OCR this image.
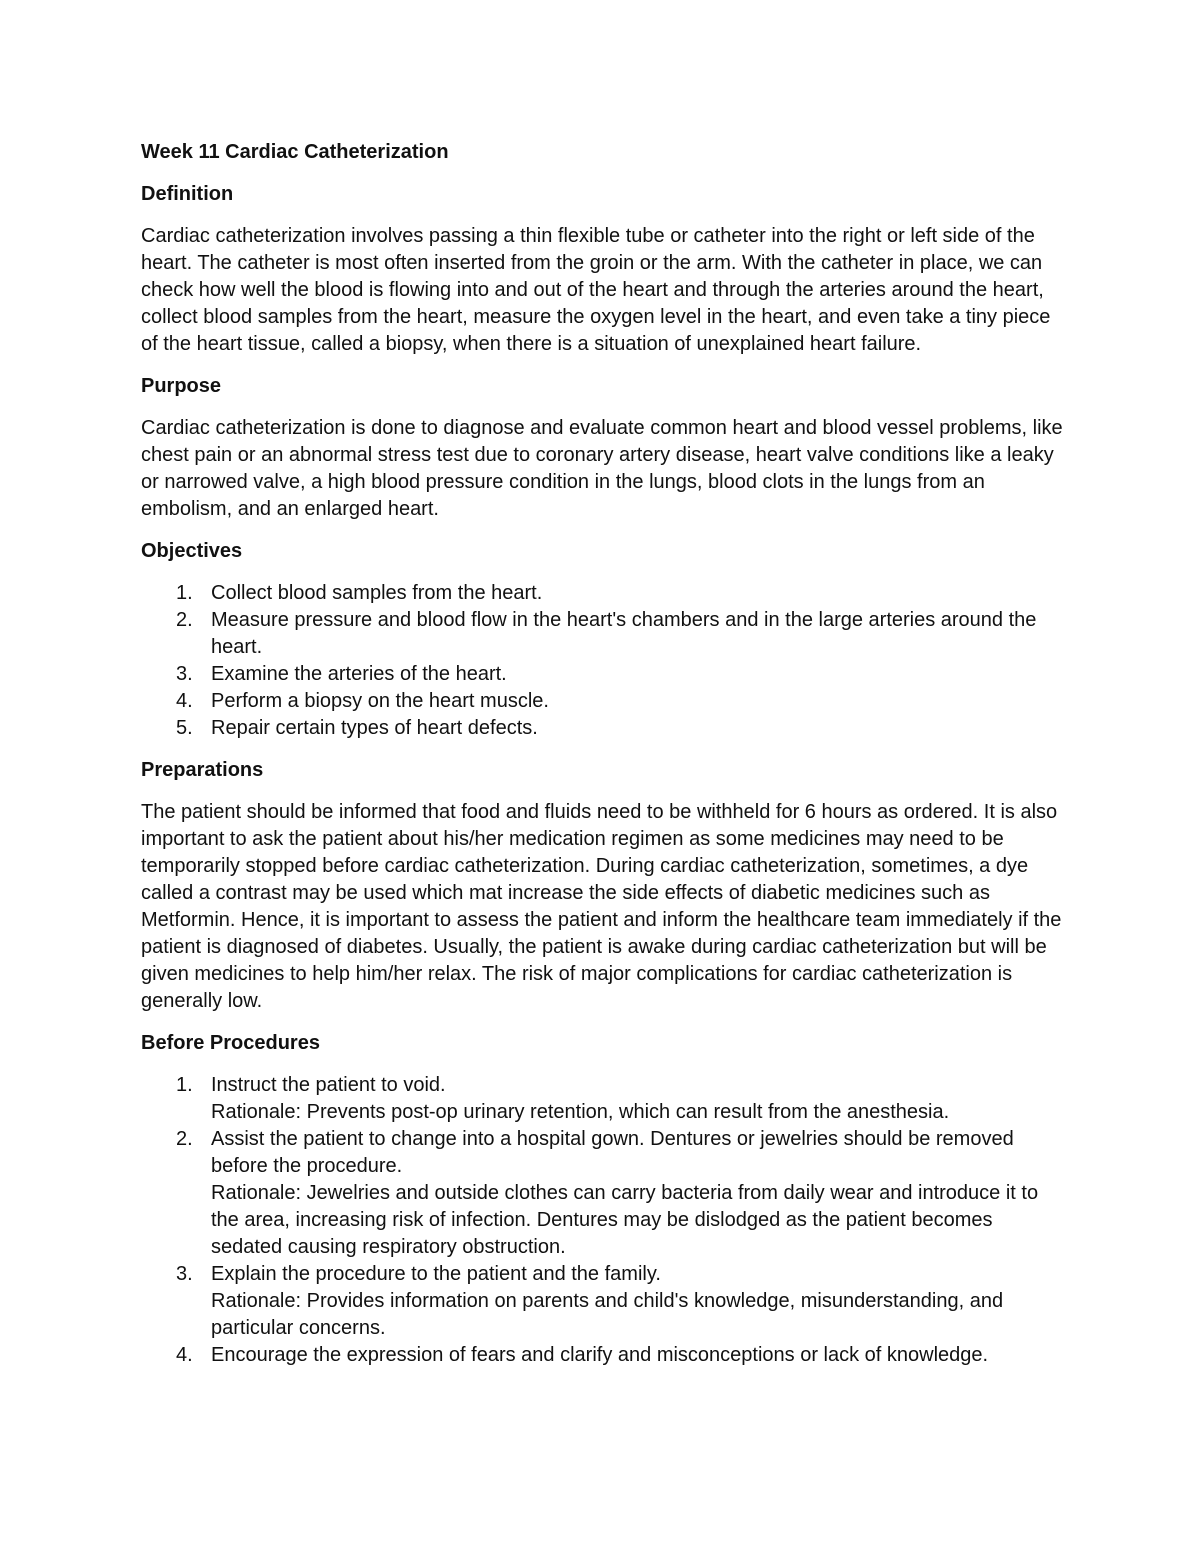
Week 11 Cardiac Catheterization
Definition

Cardiac catheterization involves passing a thin flexible tube or catheter into the right or left side of the heart. The catheter is most often inserted from the groin or the arm. With the catheter in place, we can check how well the blood is flowing into and out of the heart and through the arteries around the heart, collect blood samples from the heart, measure the oxygen level in the heart, and even take a tiny piece of the heart tissue, called a biopsy, when there is a situation of unexplained heart failure.

Purpose

Cardiac catheterization is done to diagnose and evaluate common heart and blood vessel problems, like chest pain or an abnormal stress test due to coronary artery disease, heart valve conditions like a leaky or narrowed valve, a high blood pressure condition in the lungs, blood clots in the lungs from an embolism, and an enlarged heart.

Objectives
1. Collect blood samples from the heart.
2. Measure pressure and blood flow in the heart's chambers and in the large arteries around the heart.
3. Examine the arteries of the heart.
4. Perform a biopsy on the heart muscle.
5. Repair certain types of heart defects.
Preparations

The patient should be informed that food and fluids need to be withheld for 6 hours as ordered. It is also important to ask the patient about his/her medication regimen as some medicines may need to be temporarily stopped before cardiac catheterization. During cardiac catheterization, sometimes, a dye called a contrast may be used which mat increase the side effects of diabetic medicines such as Metformin. Hence, it is important to assess the patient and inform the healthcare team immediately if the patient is diagnosed of diabetes. Usually, the patient is awake during cardiac catheterization but will be given medicines to help him/her relax. The risk of major complications for cardiac catheterization is generally low.

Before Procedures
1. Instruct the patient to void.
Rationale: Prevents post-op urinary retention, which can result from the anesthesia.
2. Assist the patient to change into a hospital gown. Dentures or jewelries should be removed before the procedure.
Rationale: Jewelries and outside clothes can carry bacteria from daily wear and introduce it to the area, increasing risk of infection. Dentures may be dislodged as the patient becomes sedated causing respiratory obstruction.
3. Explain the procedure to the patient and the family.
Rationale: Provides information on parents and child's knowledge, misunderstanding, and particular concerns.
4. Encourage the expression of fears and clarify and misconceptions or lack of knowledge.
